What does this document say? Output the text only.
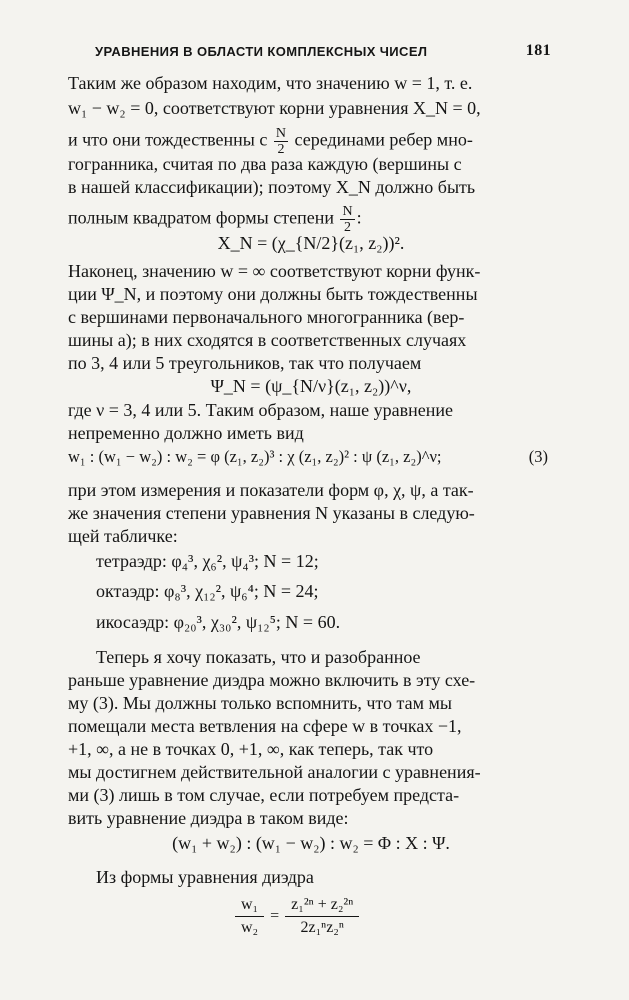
УРАВНЕНИЯ В ОБЛАСТИ КОМПЛЕКСНЫХ ЧИСЕЛ	181
Таким же образом находим, что значению w = 1, т. е.
w₁ − w₂ = 0, соответствуют корни уравнения X_N = 0,
и что они тождественны с $\frac{N}{2}$ серединами ребер мно-
гогранника, считая по два раза каждую (вершины c
в нашей классификации); поэтому X_N должно быть
полным квадратом формы степени $\frac{N}{2}$ :
X_N = (χ_{N/2}(z₁, z₂))².
Наконец, значению w = ∞ соответствуют корни функ-
ции Ψ_N, и поэтому они должны быть тождественны
с вершинами первоначального многогранника (вер-
шины a); в них сходятся в соответственных случаях
по 3, 4 или 5 треугольников, так что получаем
Ψ_N = (ψ_{N/ν}(z₁, z₂))^ν,
где ν = 3, 4 или 5. Таким образом, наше уравнение
непременно должно иметь вид
w₁ : (w₁ − w₂) : w₂ = φ (z₁, z₂)³ : χ (z₁, z₂)² : ψ (z₁, z₂)^ν;	(3)
при этом измерения и показатели форм φ, χ, ψ, а так-
же значения степени уравнения N указаны в следую-
щей табличке:
тетраэдр: φ₄³, χ₆², ψ₄³; N = 12;
октаэдр: φ₈³, χ₁₂², ψ₆⁴; N = 24;
икосаэдр: φ₂₀³, χ₃₀², ψ₁₂⁵; N = 60.
Теперь я хочу показать, что и разобранное
раньше уравнение диэдра можно включить в эту схе-
му (3). Мы должны только вспомнить, что там мы
помещали места ветвления на сфере w в точках −1,
+1, ∞, а не в точках 0, +1, ∞, как теперь, так что
мы достигнем действительной аналогии с уравнения-
ми (3) лишь в том случае, если потребуем предста-
вить уравнение диэдра в таком виде:
(w₁ + w₂) : (w₁ − w₂) : w₂ = Φ : X : Ψ.
Из формы уравнения диэдра
$\frac{\text{w₁}}{\text{w₂}} = \frac{\text{z₁²ⁿ + z₂²ⁿ}}{\text{2z₁ⁿz₂ⁿ}}$
